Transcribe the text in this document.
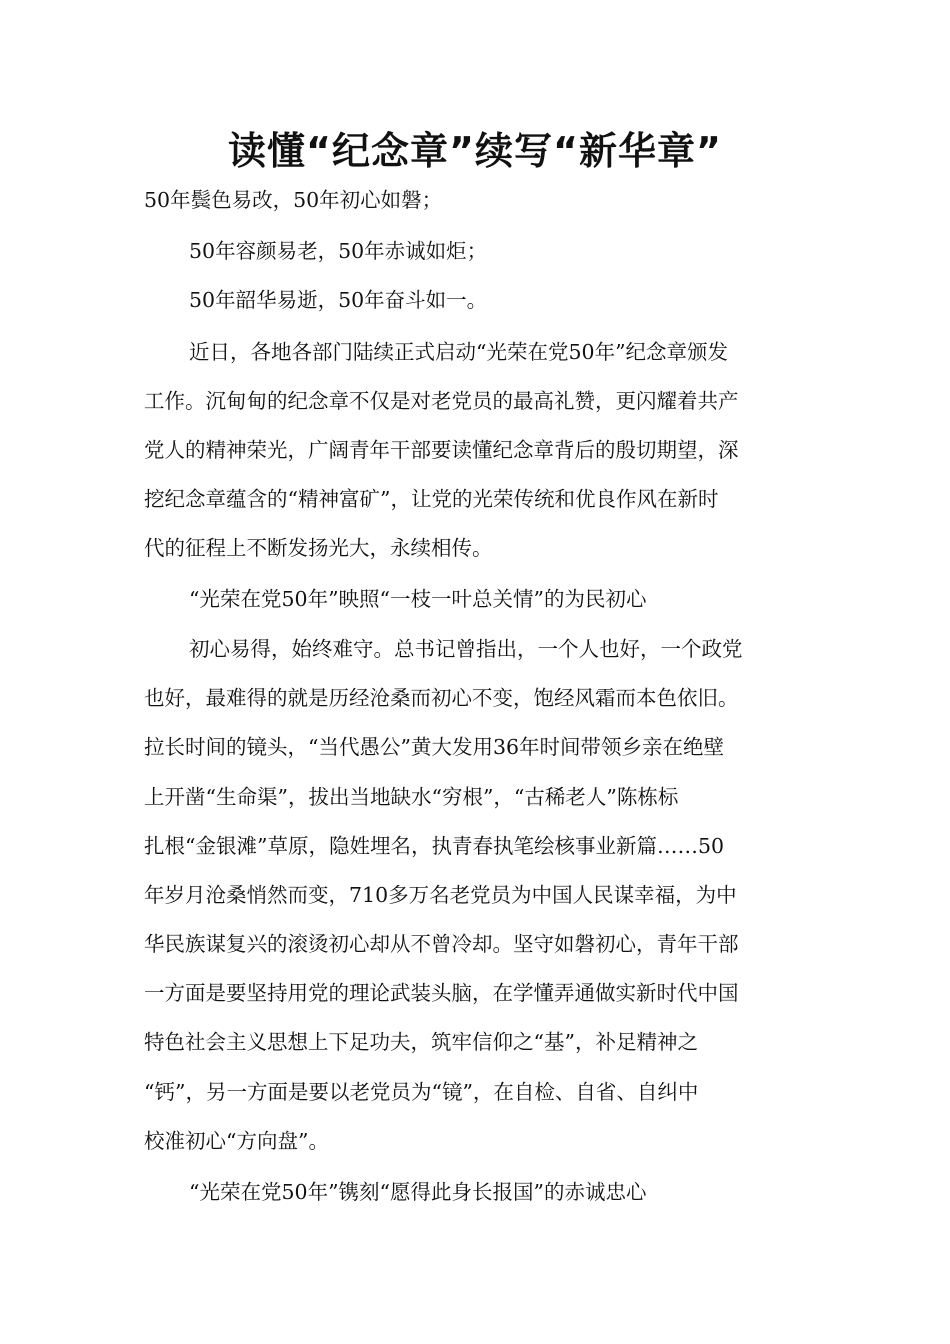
读懂“纪念章”续写“新华章”
50年鬓色易改，50年初心如磐；
50年容颜易老，50年赤诚如炬；
50年韶华易逝，50年奋斗如一。
近日，各地各部门陆续正式启动“光荣在党50年”纪念章颁发
工作。沉甸甸的纪念章不仅是对老党员的最高礼赞，更闪耀着共产
党人的精神荣光，广阔青年干部要读懂纪念章背后的殷切期望，深
挖纪念章蕴含的“精神富矿”，让党的光荣传统和优良作风在新时
代的征程上不断发扬光大，永续相传。
“光荣在党50年”映照“一枝一叶总关情”的为民初心
初心易得，始终难守。总书记曾指出，一个人也好，一个政党
也好，最难得的就是历经沧桑而初心不变，饱经风霜而本色依旧。
拉长时间的镜头，“当代愚公”黄大发用36年时间带领乡亲在绝壁
上开凿“生命渠”，拔出当地缺水“穷根”，“古稀老人”陈栋标
扎根“金银滩”草原，隐姓埋名，执青春执笔绘核事业新篇……50
年岁月沧桑悄然而变，710多万名老党员为中国人民谋幸福，为中
华民族谋复兴的滚烫初心却从不曾冷却。坚守如磐初心，青年干部
一方面是要坚持用党的理论武装头脑，在学懂弄通做实新时代中国
特色社会主义思想上下足功夫，筑牢信仰之“基”，补足精神之
“钙”，另一方面是要以老党员为“镜”，在自检、自省、自纠中
校准初心“方向盘”。
“光荣在党50年”镌刻“愿得此身长报国”的赤诚忠心
